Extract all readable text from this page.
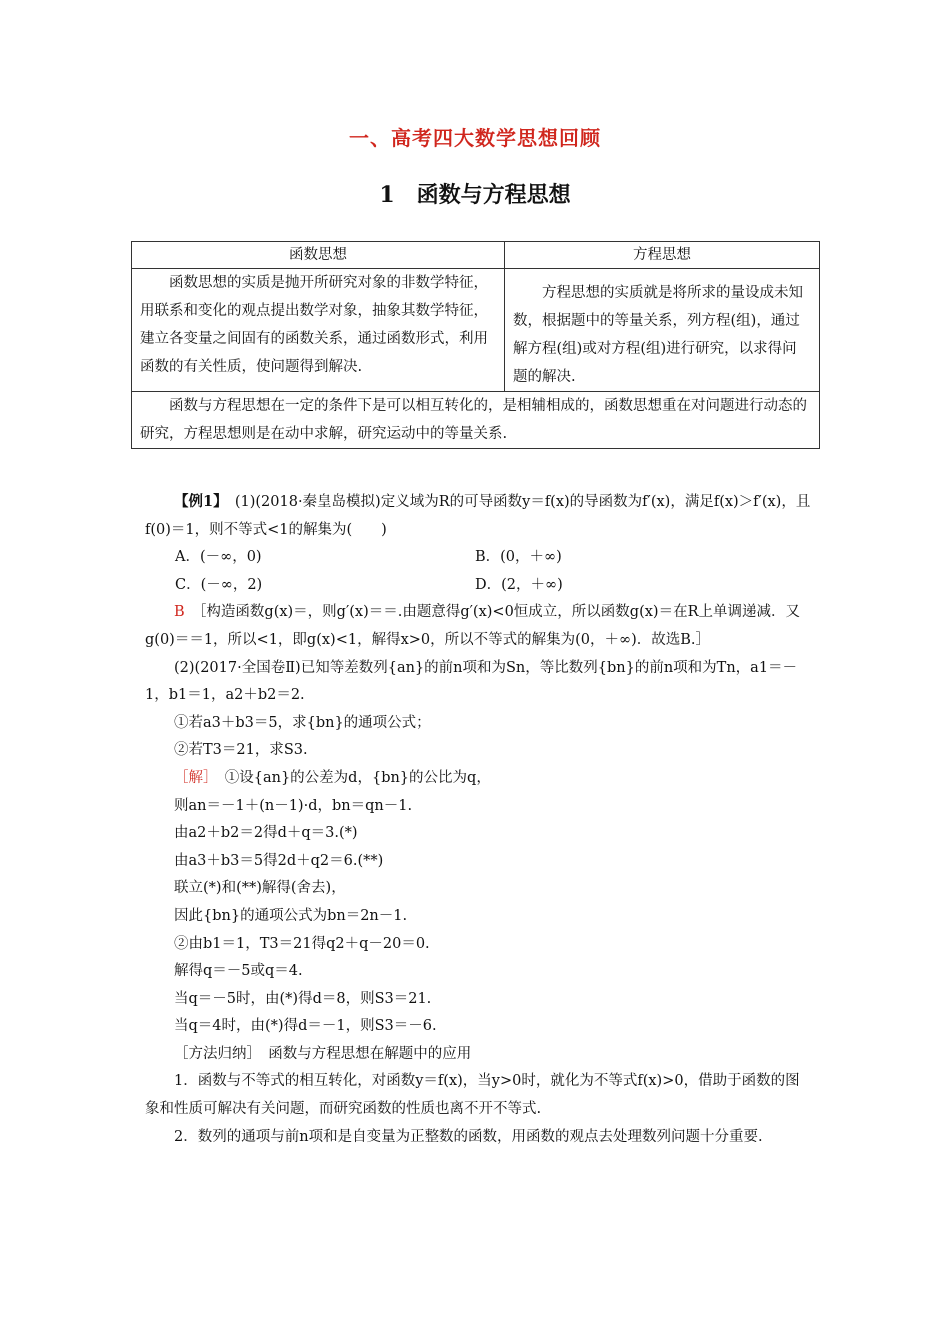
一、高考四大数学思想回顾
1 函数与方程思想
函数思想	方程思想

函数思想的实质是抛开所研究对象的非数学特征，用联系和变化的观点提出数学对象，抽象其数学特征，建立各变量之间固有的函数关系，通过函数形式，利用函数的有关性质，使问题得到解决.	方程思想的实质就是将所求的量设成未知数，根据题中的等量关系，列方程(组)，通过解方程(组)或对方程(组)进行研究，以求得问题的解决.

函数与方程思想在一定的条件下是可以相互转化的，是相辅相成的，函数思想重在对问题进行动态的研究，方程思想则是在动中求解，研究运动中的等量关系.	

【例1】　 (1)(2018·秦皇岛模拟)定义域为R的可导函数y＝f(x)的导函数为f′(x)，满足f(x)＞f′(x)，且f(0)＝1，则不等式<1的解集为(　　)

A．(－∞，0)	B．(0，＋∞)
C．(－∞，2)	D．(2，＋∞)

B　 ［构造函数g(x)＝，则g′(x)＝＝.由题意得g′(x)<0恒成立，所以函数g(x)＝在R上单调递减．又g(0)＝＝1，所以<1，即g(x)<1，解得x>0，所以不等式的解集为(0，＋∞)．故选B.］

(2)(2017·全国卷Ⅱ)已知等差数列{an}的前n项和为Sn，等比数列{bn}的前n项和为Tn，a1＝－1，b1＝1，a2＋b2＝2.

①若a3＋b3＝5，求{bn}的通项公式；

②若T3＝21，求S3.

［解］　 ①设{an}的公差为d，{bn}的公比为q，

则an＝－1＋(n－1)·d，bn＝qn－1.

由a2＋b2＝2得d＋q＝3.(*)

由a3＋b3＝5得2d＋q2＝6.(**)

联立(*)和(**)解得(舍去)，

因此{bn}的通项公式为bn＝2n－1.

②由b1＝1，T3＝21得q2＋q－20＝0.

解得q＝－5或q＝4.

当q＝－5时，由(*)得d＝8，则S3＝21.

当q＝4时，由(*)得d＝－1，则S3＝－6.

［方法归纳］　 函数与方程思想在解题中的应用

1．函数与不等式的相互转化，对函数y＝f(x)，当y>0时，就化为不等式f(x)>0，借助于函数的图象和性质可解决有关问题，而研究函数的性质也离不开不等式.

2．数列的通项与前n项和是自变量为正整数的函数，用函数的观点去处理数列问题十分重要.
